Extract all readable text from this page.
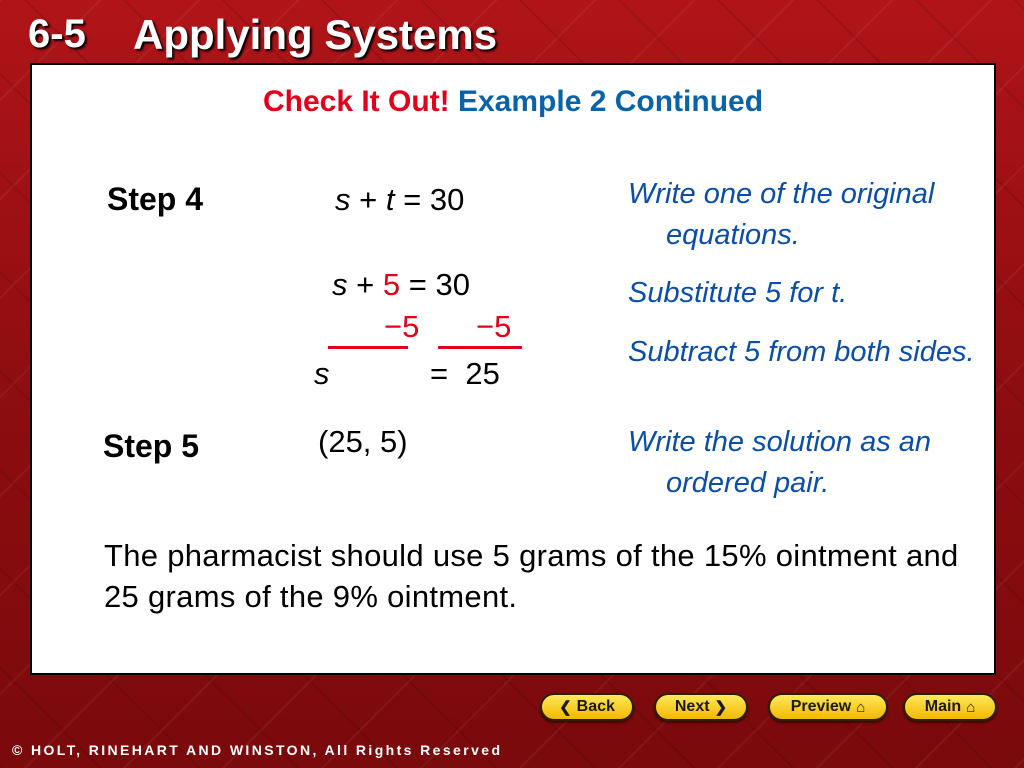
6-5 Applying Systems
Check It Out! Example 2 Continued
Step 4	s + t = 30
s + 5 = 30
−5 −5
s	=  25
Step 5	(25, 5)
Write one of the original equations.
Substitute 5 for t.
Subtract 5 from both sides.
Write the solution as an ordered pair.
The pharmacist should use 5 grams of the 15% ointment and 25 grams of the 9% ointment.
❮ Back	Next ❯	Preview ⌂	Main ⌂
© HOLT, RINEHART AND WINSTON, All Rights Reserved
